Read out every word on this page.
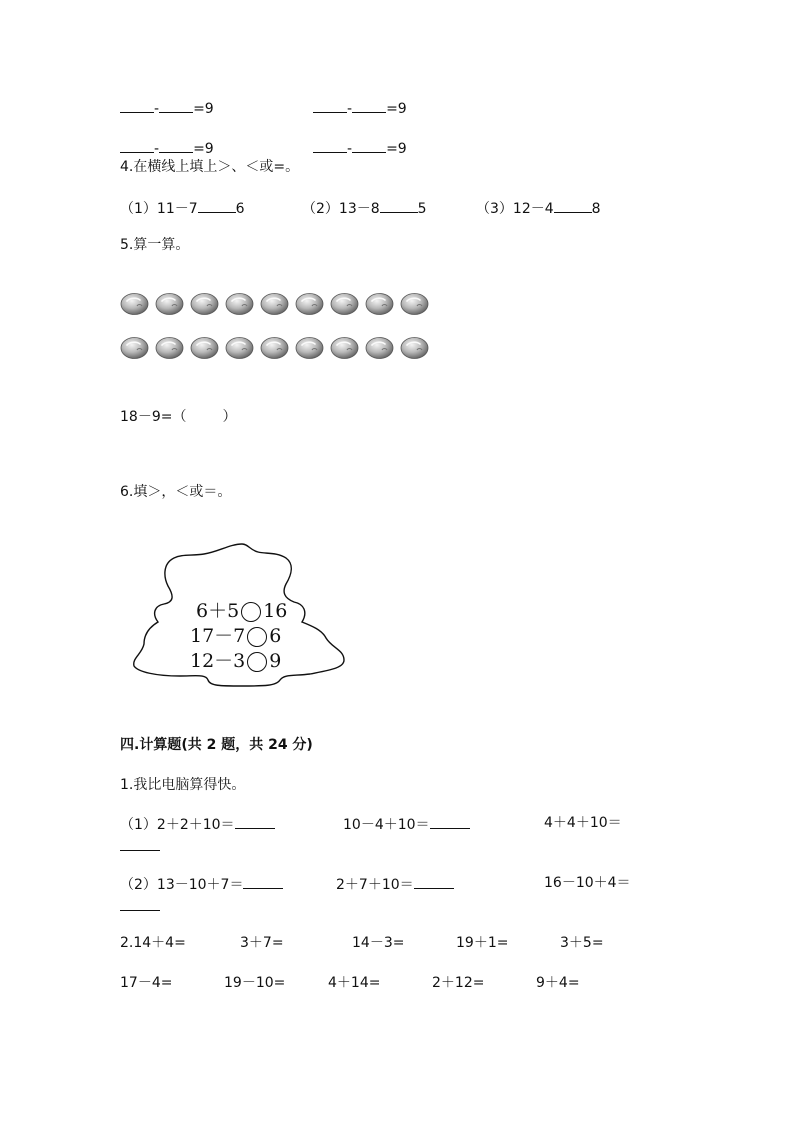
- =9	- =9
- =9	- =9
4.在横线上填上＞、＜或=。
（1）11－7	6	（2）13－8	5	（3）12－4	8
5.算一算。
18－9=（	）
6.填＞，＜或＝。
6＋5 16
17－7 6
12－3 9
四.计算题(共 2 题，共 24 分)
1.我比电脑算得快。
（1）2＋2＋10＝	10－4＋10＝	4＋4＋10＝
（2）13－10＋7＝	2＋7＋10＝	16－10＋4＝
2.14＋4=	3＋7=	14－3=	19＋1=	3＋5=
17－4=	19－10=	4＋14=	2＋12=	9＋4=
